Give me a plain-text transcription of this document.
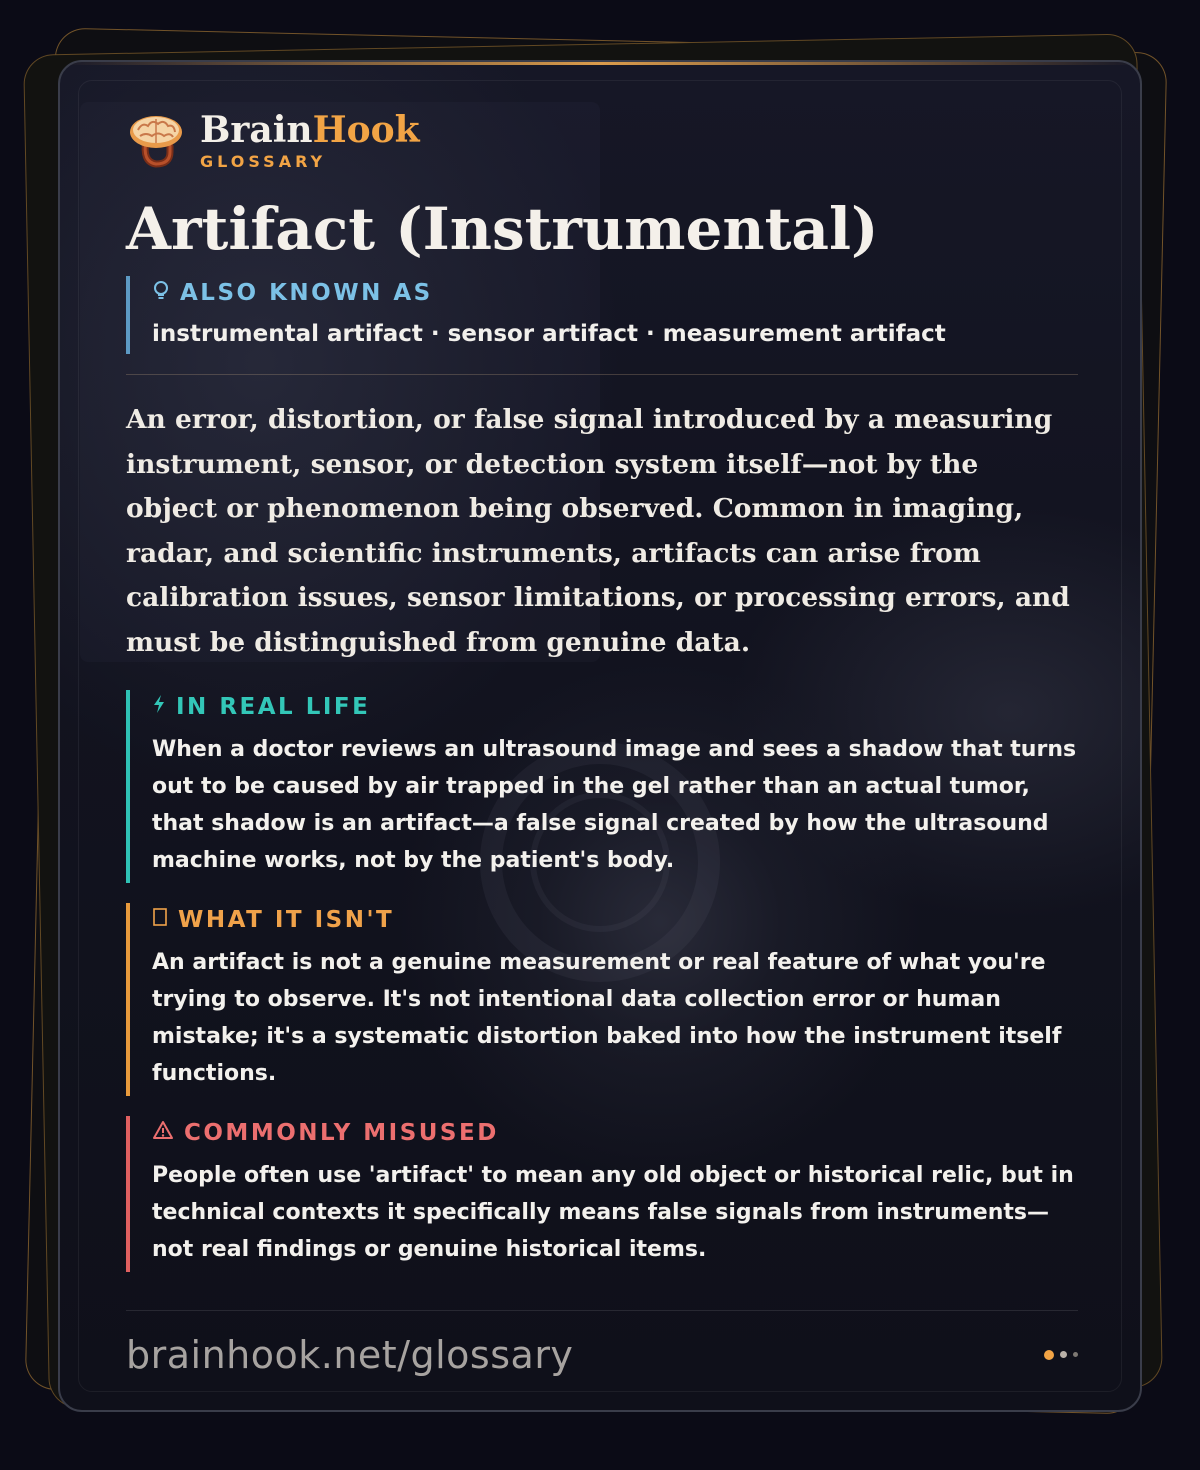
BrainHook
GLOSSARY
Artifact (Instrumental)
ALSO KNOWN AS
instrumental artifact · sensor artifact · measurement artifact
An error, distortion, or false signal introduced by a measuring instrument, sensor, or detection system itself—not by the object or phenomenon being observed. Common in imaging, radar, and scientific instruments, artifacts can arise from calibration issues, sensor limitations, or processing errors, and must be distinguished from genuine data.
IN REAL LIFE
When a doctor reviews an ultrasound image and sees a shadow that turns out to be caused by air trapped in the gel rather than an actual tumor, that shadow is an artifact—a false signal created by how the ultrasound machine works, not by the patient's body.
WHAT IT ISN'T
An artifact is not a genuine measurement or real feature of what you're trying to observe. It's not intentional data collection error or human mistake; it's a systematic distortion baked into how the instrument itself functions.
COMMONLY MISUSED
People often use 'artifact' to mean any old object or historical relic, but in technical contexts it specifically means false signals from instruments—not real findings or genuine historical items.
brainhook.net/glossary
